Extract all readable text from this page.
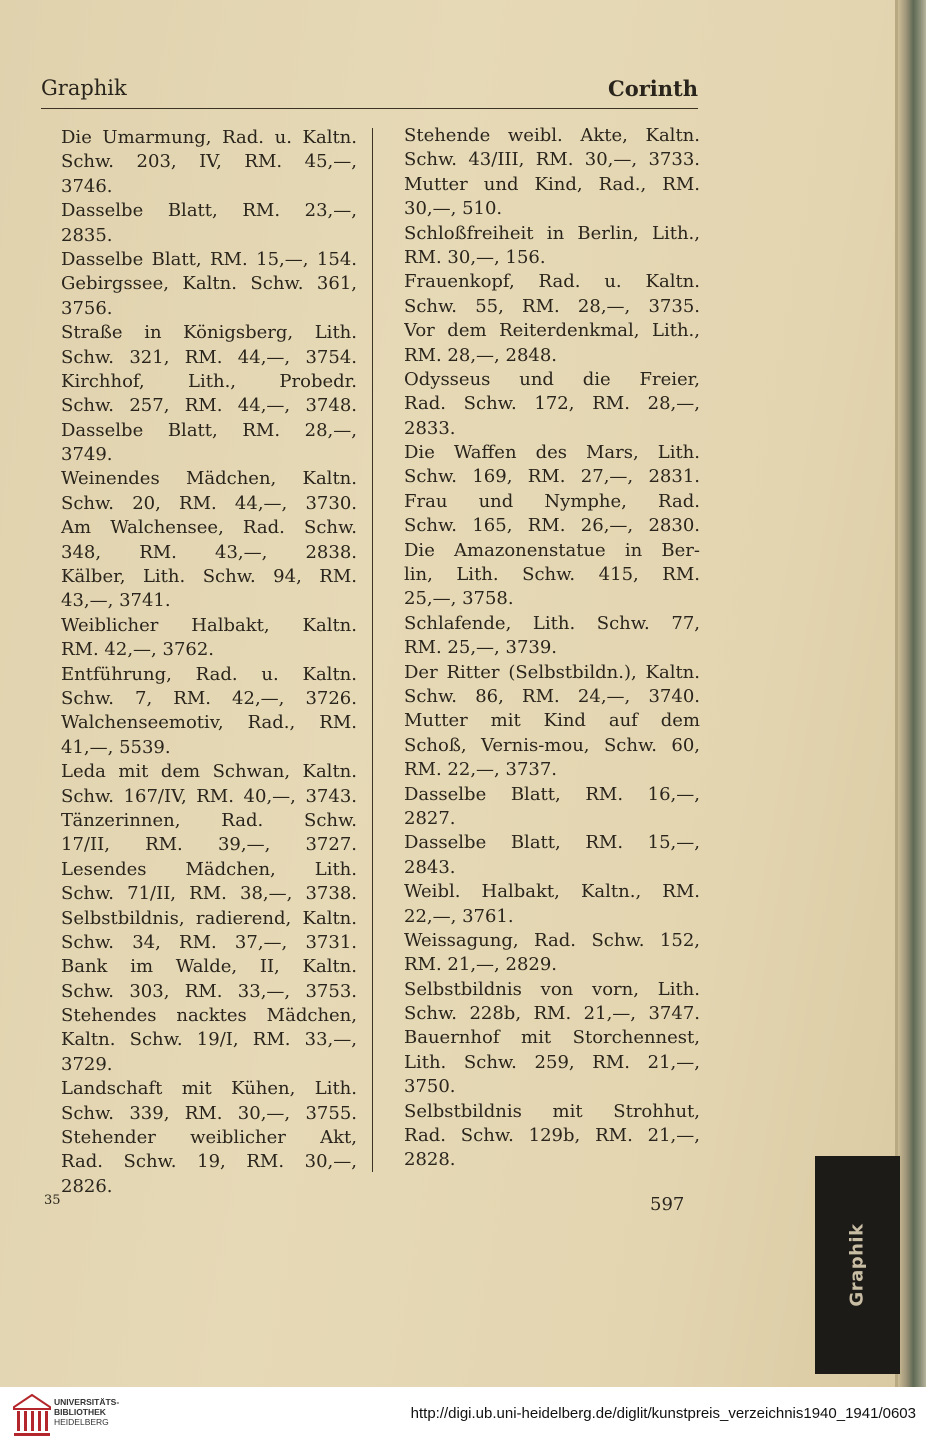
Graphik	Corinth
Die Umarmung, Rad. u. Kaltn.
Schw. 203, IV, RM. 45,—,
3746.
Dasselbe Blatt, RM. 23,—,
2835.
Dasselbe Blatt, RM. 15,—, 154.
Gebirgssee, Kaltn. Schw. 361,
3756.
Straße in Königsberg, Lith.
Schw. 321, RM. 44,—, 3754.
Kirchhof, Lith., Probedr.
Schw. 257, RM. 44,—, 3748.
Dasselbe Blatt, RM. 28,—,
3749.
Weinendes Mädchen, Kaltn.
Schw. 20, RM. 44,—, 3730.
Am Walchensee, Rad. Schw.
348, RM. 43,—, 2838.
Kälber, Lith. Schw. 94, RM.
43,—, 3741.
Weiblicher Halbakt, Kaltn.
RM. 42,—, 3762.
Entführung, Rad. u. Kaltn.
Schw. 7, RM. 42,—, 3726.
Walchenseemotiv, Rad., RM.
41,—, 5539.
Leda mit dem Schwan, Kaltn.
Schw. 167/IV, RM. 40,—, 3743.
Tänzerinnen, Rad. Schw.
17/II, RM. 39,—, 3727.
Lesendes Mädchen, Lith.
Schw. 71/II, RM. 38,—, 3738.
Selbstbildnis, radierend, Kaltn.
Schw. 34, RM. 37,—, 3731.
Bank im Walde, II, Kaltn.
Schw. 303, RM. 33,—, 3753.
Stehendes nacktes Mädchen,
Kaltn. Schw. 19/I, RM. 33,—,
3729.
Landschaft mit Kühen, Lith.
Schw. 339, RM. 30,—, 3755.
Stehender weiblicher Akt,
Rad. Schw. 19, RM. 30,—,
2826.
Stehende weibl. Akte, Kaltn.
Schw. 43/III, RM. 30,—, 3733.
Mutter und Kind, Rad., RM.
30,—, 510.
Schloßfreiheit in Berlin, Lith.,
RM. 30,—, 156.
Frauenkopf, Rad. u. Kaltn.
Schw. 55, RM. 28,—, 3735.
Vor dem Reiterdenkmal, Lith.,
RM. 28,—, 2848.
Odysseus und die Freier,
Rad. Schw. 172, RM. 28,—,
2833.
Die Waffen des Mars, Lith.
Schw. 169, RM. 27,—, 2831.
Frau und Nymphe, Rad.
Schw. 165, RM. 26,—, 2830.
Die Amazonenstatue in Ber-
lin, Lith. Schw. 415, RM.
25,—, 3758.
Schlafende, Lith. Schw. 77,
RM. 25,—, 3739.
Der Ritter (Selbstbildn.), Kaltn.
Schw. 86, RM. 24,—, 3740.
Mutter mit Kind auf dem
Schoß, Vernis-mou, Schw. 60,
RM. 22,—, 3737.
Dasselbe Blatt, RM. 16,—,
2827.
Dasselbe Blatt, RM. 15,—,
2843.
Weibl. Halbakt, Kaltn., RM.
22,—, 3761.
Weissagung, Rad. Schw. 152,
RM. 21,—, 2829.
Selbstbildnis von vorn, Lith.
Schw. 228b, RM. 21,—, 3747.
Bauernhof mit Storchennest,
Lith. Schw. 259, RM. 21,—,
3750.
Selbstbildnis mit Strohhut,
Rad. Schw. 129b, RM. 21,—,
2828.
35	597
Graphik
UNIVERSITÄTS-
BIBLIOTHEK
HEIDELBERG	http://digi.ub.uni-heidelberg.de/diglit/kunstpreis_verzeichnis1940_1941/0603
